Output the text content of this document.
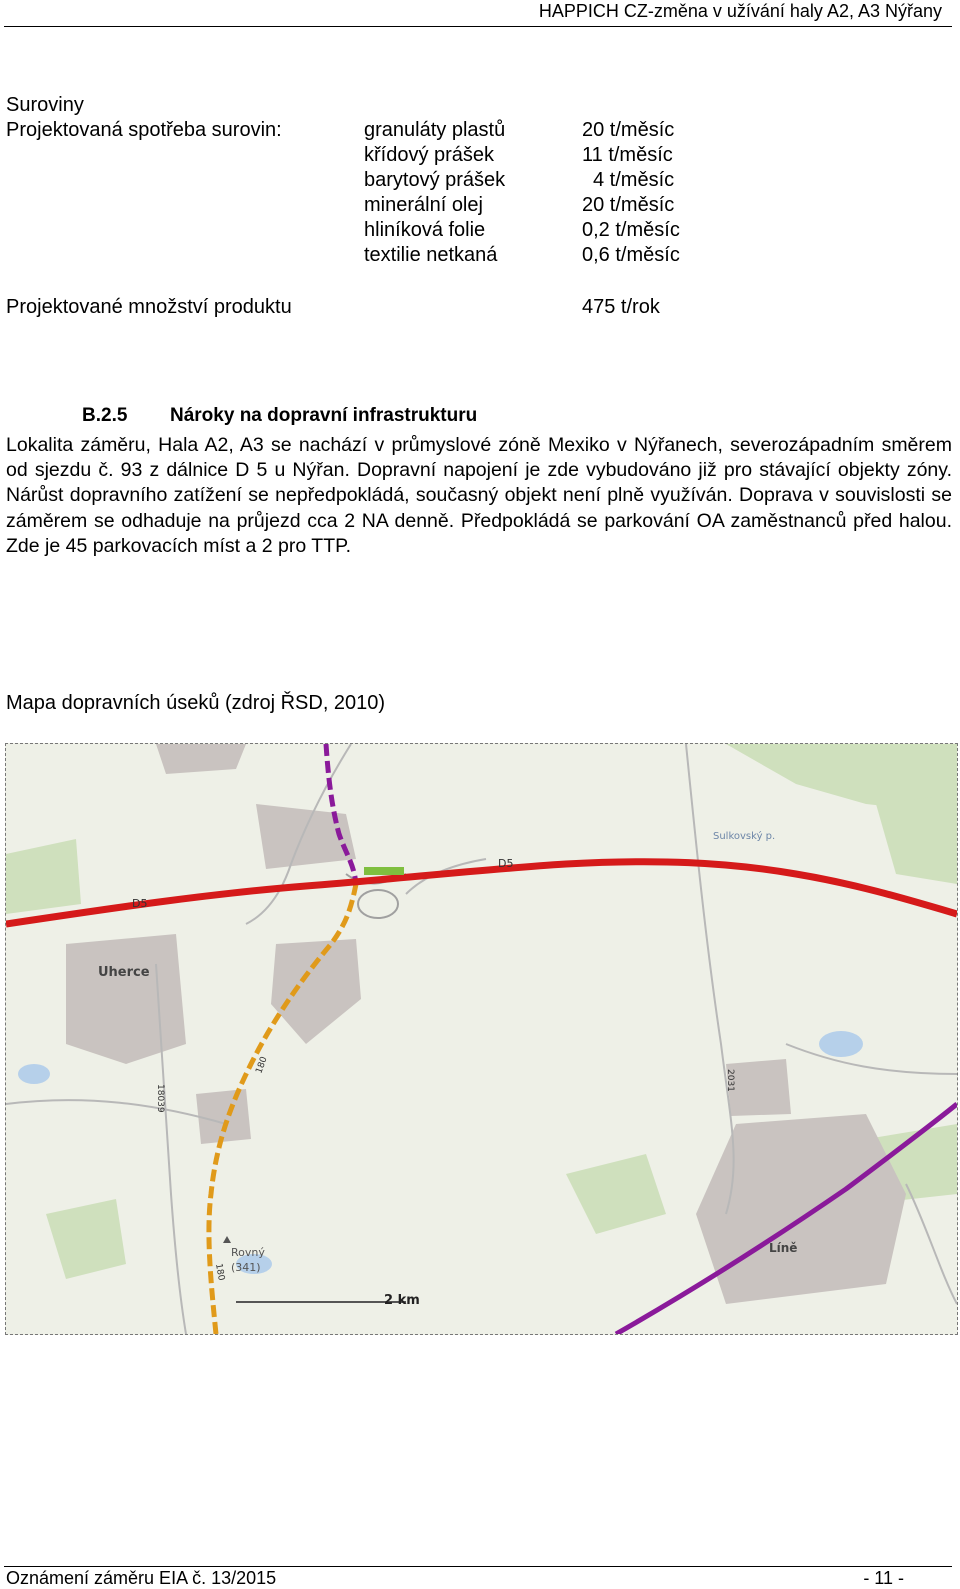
HAPPICH CZ-změna v užívání haly A2, A3 Nýřany
Suroviny
Projektovaná spotřeba surovin:	granuláty plastů	20 t/měsíc
křídový prášek	11 t/měsíc
barytový prášek	4 t/měsíc
minerální olej	20 t/měsíc
hliníková folie	0,2 t/měsíc
textilie netkaná	0,6 t/měsíc
Projektované množství produktu	475 t/rok
B.2.5 Nároky na dopravní infrastrukturu
Lokalita záměru, Hala A2, A3 se nachází v průmyslové zóně Mexiko v Nýřanech, severozápadním směrem od sjezdu č. 93 z dálnice D 5 u Nýřan. Dopravní napojení je zde vybudováno již pro stávající objekty zóny. Nárůst dopravního zatížení se nepředpokládá, současný objekt není plně využíván. Doprava v souvislosti se záměrem se odhaduje na průjezd cca 2 NA denně. Předpokládá se parkování OA zaměstnanců před halou. Zde je 45 parkovacích míst a 2 pro TTP.
Mapa dopravních úseků (zdroj ŘSD, 2010)
D5
D5
Sulkovský p.
Uherce
Rovný
(341)
Líně
180
180
18039
2031
2 km
Oznámení záměru EIA č. 13/2015	- 11 -
